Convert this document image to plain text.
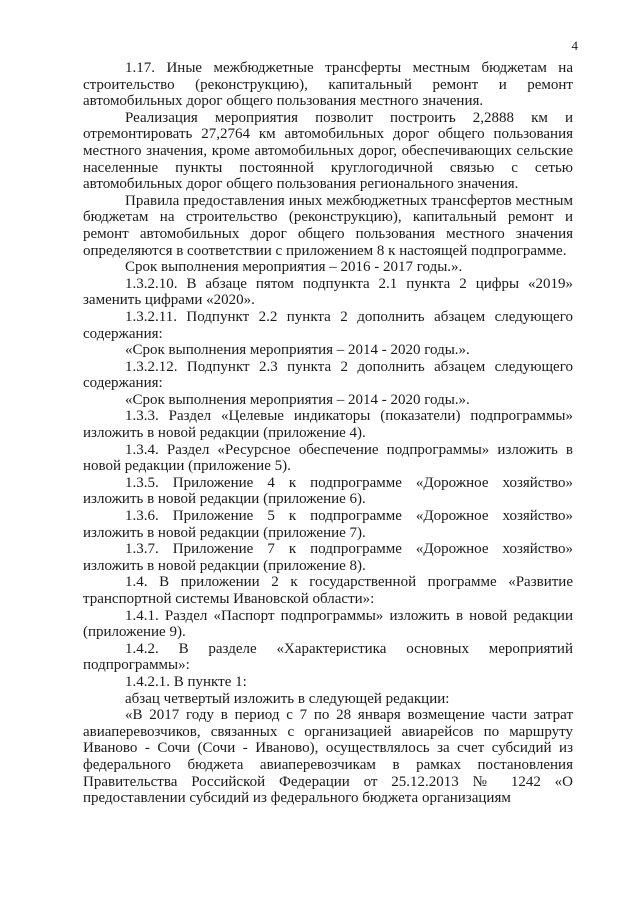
4

1.17. Иные межбюджетные трансферты местным бюджетам на строительство (реконструкцию), капитальный ремонт и ремонт автомобильных дорог общего пользования местного значения.

Реализация мероприятия позволит построить 2,2888 км и отремонтировать 27,2764 км автомобильных дорог общего пользования местного значения, кроме автомобильных дорог, обеспечивающих сельские населенные пункты постоянной круглогодичной связью с сетью автомобильных дорог общего пользования регионального значения.

Правила предоставления иных межбюджетных трансфертов местным бюджетам на строительство (реконструкцию), капитальный ремонт и ремонт автомобильных дорог общего пользования местного значения определяются в соответствии с приложением 8 к настоящей подпрограмме.

Срок выполнения мероприятия – 2016 - 2017 годы.».

1.3.2.10. В абзаце пятом подпункта 2.1 пункта 2 цифры «2019» заменить цифрами «2020».

1.3.2.11. Подпункт 2.2 пункта 2 дополнить абзацем следующего содержания:

«Срок выполнения мероприятия – 2014 - 2020 годы.».

1.3.2.12. Подпункт 2.3 пункта 2 дополнить абзацем следующего содержания:

«Срок выполнения мероприятия – 2014 - 2020 годы.».

1.3.3. Раздел «Целевые индикаторы (показатели) подпрограммы» изложить в новой редакции (приложение 4).

1.3.4. Раздел «Ресурсное обеспечение подпрограммы» изложить в новой редакции (приложение 5).

1.3.5. Приложение 4 к подпрограмме «Дорожное хозяйство» изложить в новой редакции (приложение 6).

1.3.6. Приложение 5 к подпрограмме «Дорожное хозяйство» изложить в новой редакции (приложение 7).

1.3.7. Приложение 7 к подпрограмме «Дорожное хозяйство» изложить в новой редакции (приложение 8).

1.4. В приложении 2 к государственной программе «Развитие транспортной системы Ивановской области»:

1.4.1. Раздел «Паспорт подпрограммы» изложить в новой редакции (приложение 9).

1.4.2. В разделе «Характеристика основных мероприятий подпрограммы»:

1.4.2.1. В пункте 1:

абзац четвертый изложить в следующей редакции:

«В 2017 году в период с 7 по 28 января возмещение части затрат авиаперевозчиков, связанных с организацией авиарейсов по маршруту Иваново - Сочи (Сочи - Иваново), осуществлялось за счет субсидий из федерального бюджета авиаперевозчикам в рамках постановления Правительства Российской Федерации от 25.12.2013 № 1242 «О предоставлении субсидий из федерального бюджета организациям
